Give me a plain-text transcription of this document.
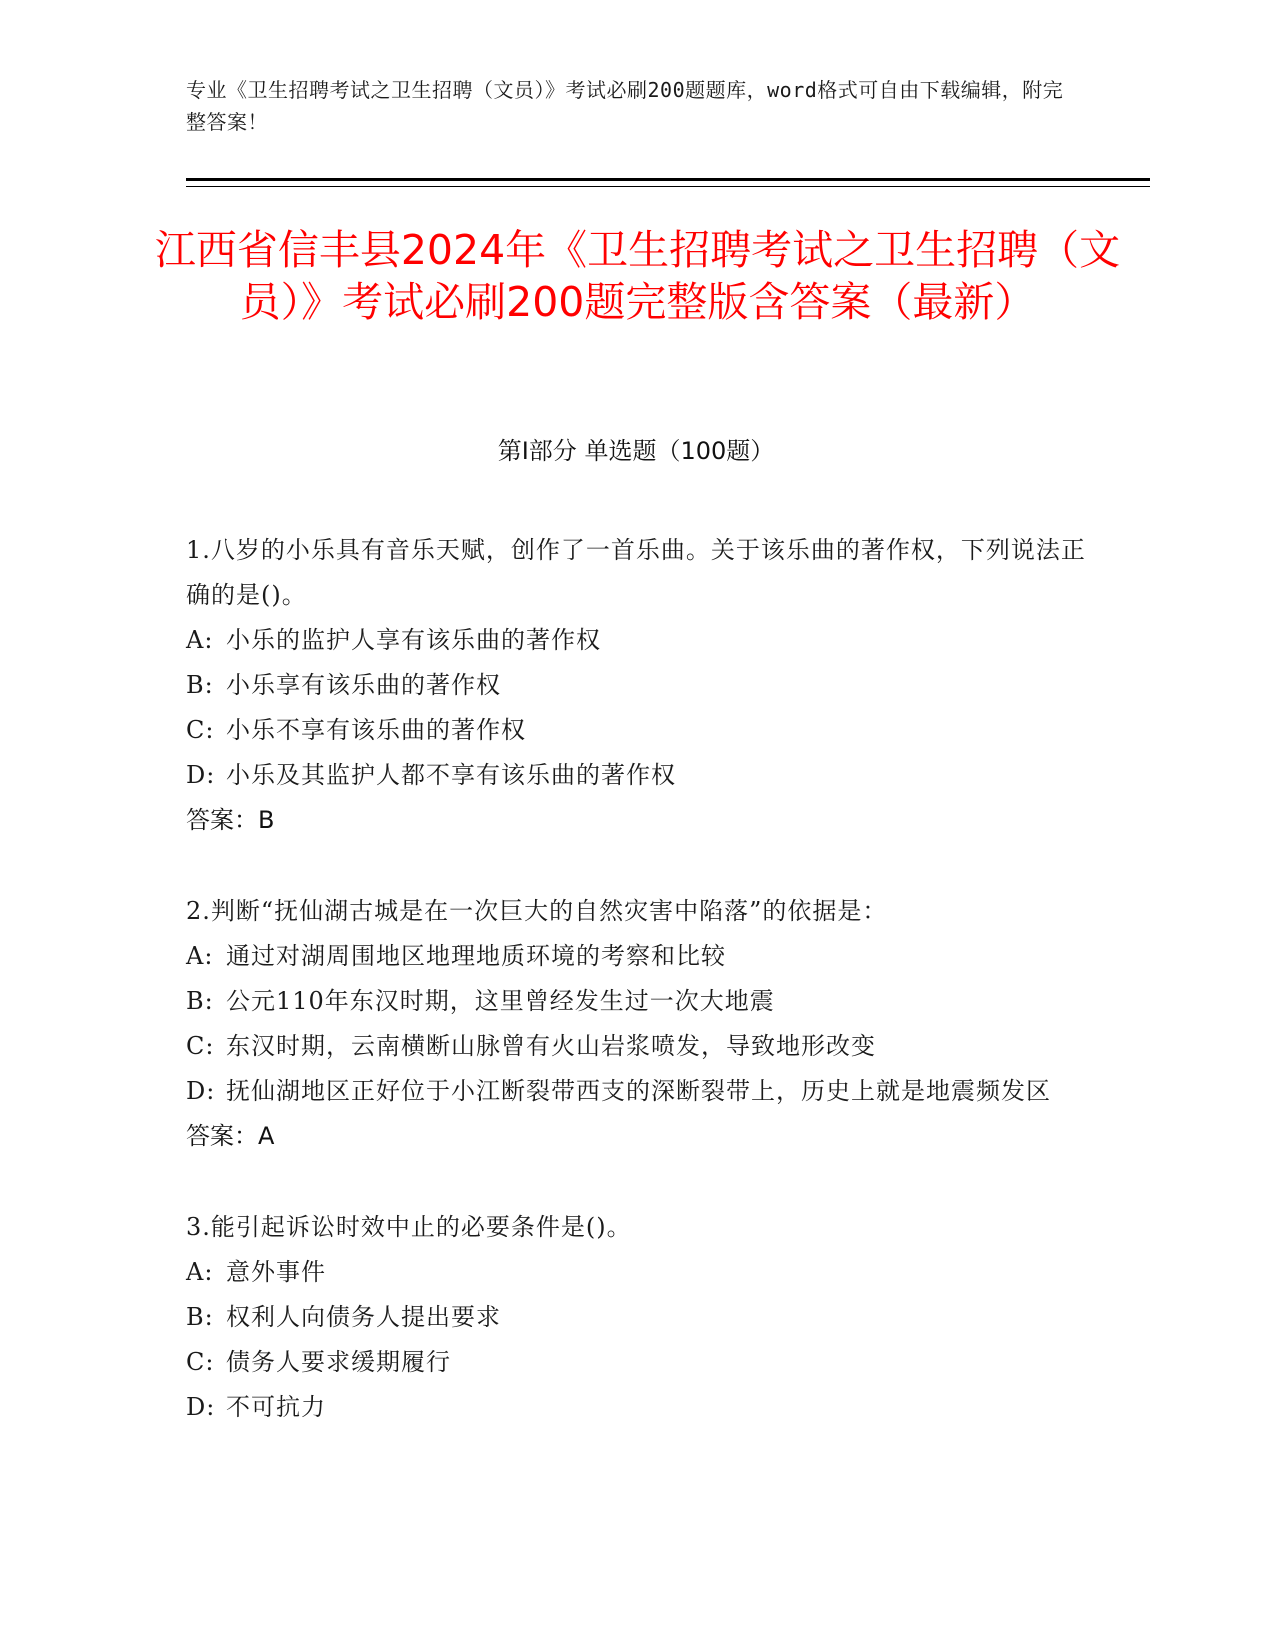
专业《卫生招聘考试之卫生招聘（文员）》考试必刷200题题库，word格式可自由下载编辑，附完整答案！
江西省信丰县2024年《卫生招聘考试之卫生招聘（文员）》考试必刷200题完整版含答案（最新）
第I部分 单选题（100题）

1.八岁的小乐具有音乐天赋，创作了一首乐曲。关于该乐曲的著作权，下列说法正确的是()。

A: 小乐的监护人享有该乐曲的著作权

B: 小乐享有该乐曲的著作权

C: 小乐不享有该乐曲的著作权

D: 小乐及其监护人都不享有该乐曲的著作权

答案：B

2.判断“抚仙湖古城是在一次巨大的自然灾害中陷落”的依据是：

A: 通过对湖周围地区地理地质环境的考察和比较

B: 公元110年东汉时期，这里曾经发生过一次大地震

C: 东汉时期，云南横断山脉曾有火山岩浆喷发，导致地形改变

D: 抚仙湖地区正好位于小江断裂带西支的深断裂带上，历史上就是地震频发区

答案：A

3.能引起诉讼时效中止的必要条件是()。

A: 意外事件

B: 权利人向债务人提出要求

C: 债务人要求缓期履行

D: 不可抗力
